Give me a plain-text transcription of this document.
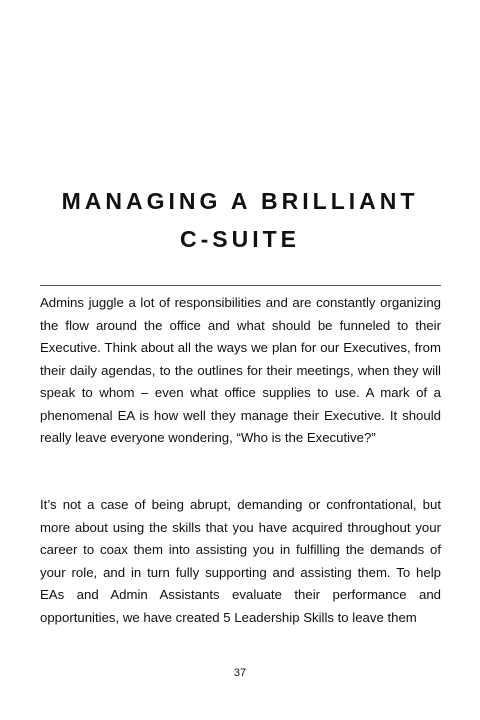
MANAGING A BRILLIANT
C-SUITE

Admins juggle a lot of responsibilities and are constantly organizing the flow around the office and what should be funneled to their Executive. Think about all the ways we plan for our Executives, from their daily agendas, to the outlines for their meetings, when they will speak to whom – even what office supplies to use. A mark of a phenomenal EA is how well they manage their Executive. It should really leave everyone wondering, “Who is the Executive?”

It’s not a case of being abrupt, demanding or confrontational, but more about using the skills that you have acquired throughout your career to coax them into assisting you in fulfilling the demands of your role, and in turn fully supporting and assisting them. To help EAs and Admin Assistants evaluate their performance and opportunities, we have created 5 Leadership Skills to leave them

37
